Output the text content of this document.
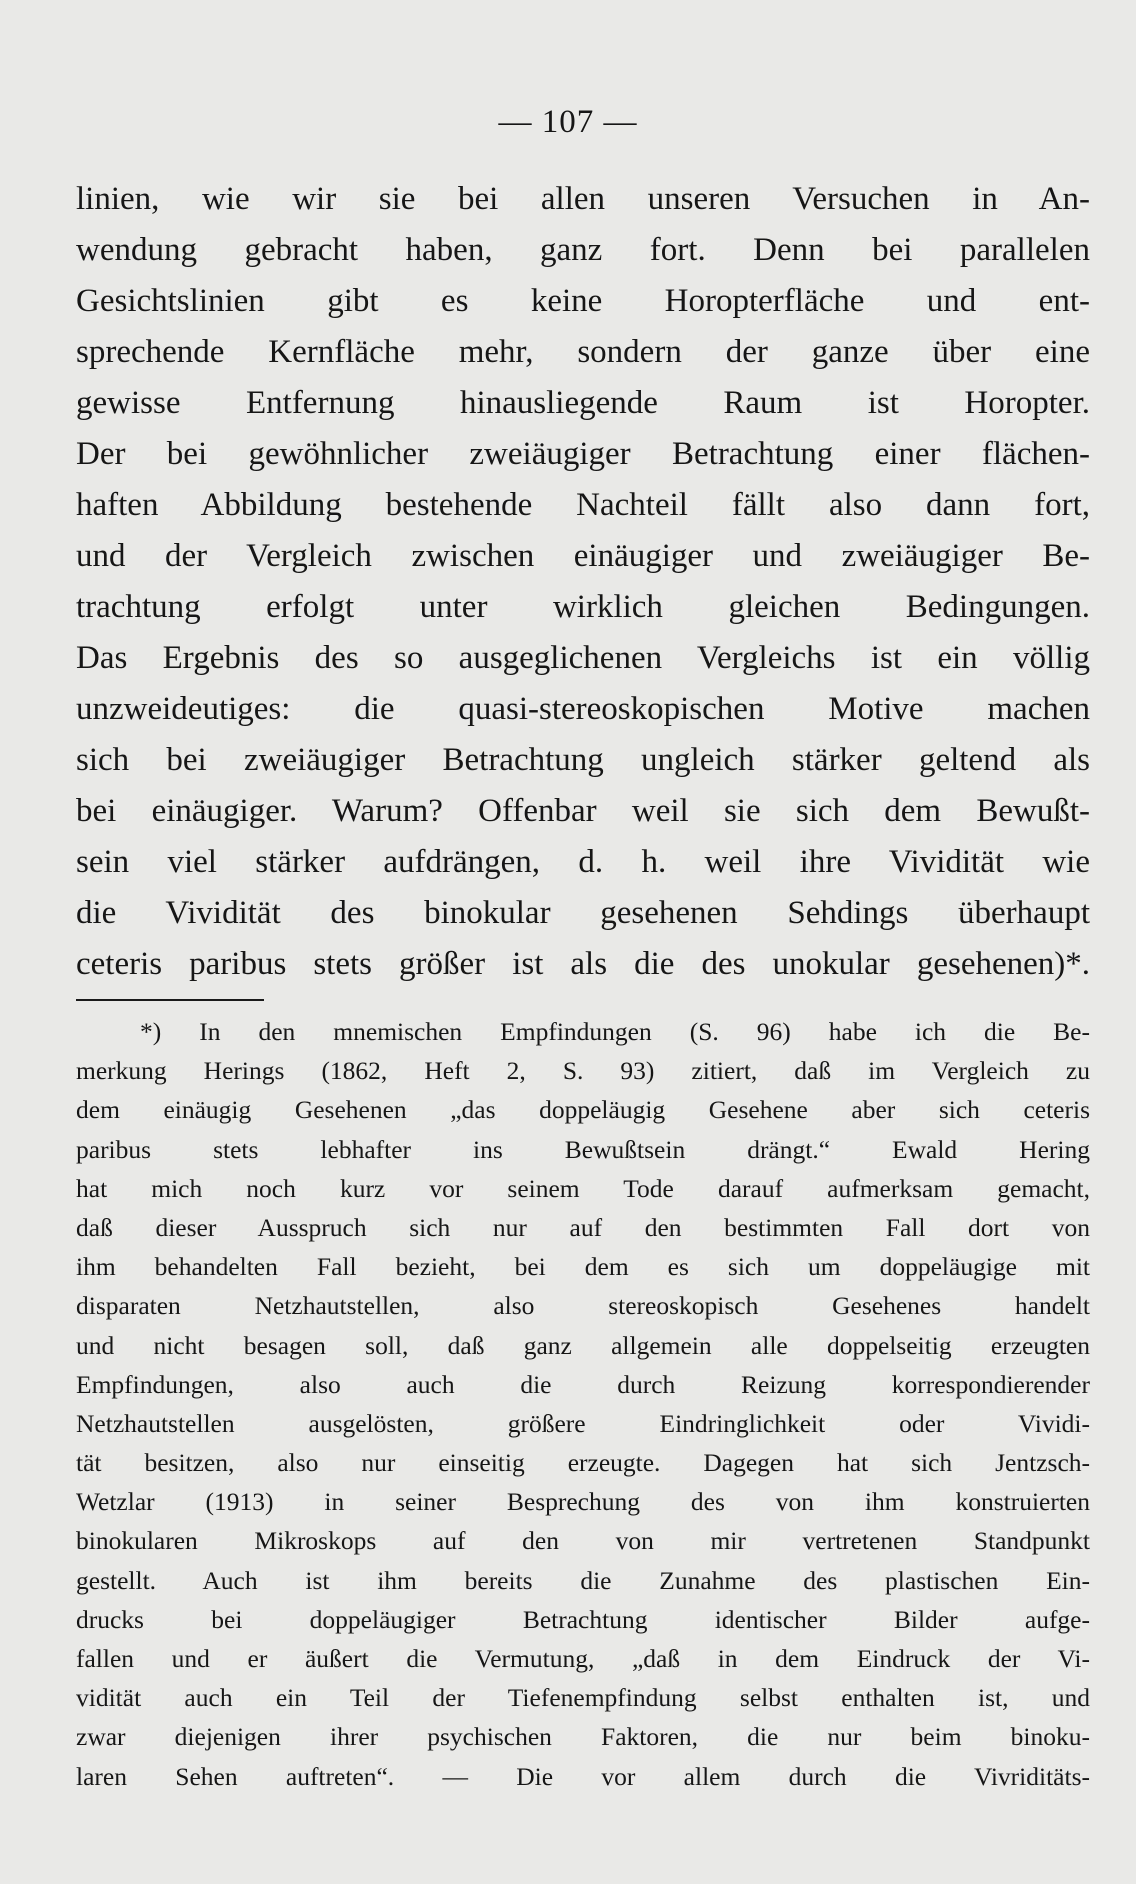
— 107 —
linien, wie wir sie bei allen unseren Versuchen in An-
wendung gebracht haben, ganz fort. Denn bei parallelen
Gesichtslinien gibt es keine Horopterfläche und ent-
sprechende Kernfläche mehr, sondern der ganze über eine
gewisse Entfernung hinausliegende Raum ist Horopter.
Der bei gewöhnlicher zweiäugiger Betrachtung einer flächen-
haften Abbildung bestehende Nachteil fällt also dann fort,
und der Vergleich zwischen einäugiger und zweiäugiger Be-
trachtung erfolgt unter wirklich gleichen Bedingungen.
Das Ergebnis des so ausgeglichenen Vergleichs ist ein völlig
unzweideutiges: die quasi-stereoskopischen Motive machen
sich bei zweiäugiger Betrachtung ungleich stärker geltend als
bei einäugiger. Warum? Offenbar weil sie sich dem Bewußt-
sein viel stärker aufdrängen, d. h. weil ihre Vividität wie
die Vividität des binokular gesehenen Sehdings überhaupt
ceteris paribus stets größer ist als die des unokular gesehenen)*.
*) In den mnemischen Empfindungen (S. 96) habe ich die Be-
merkung Herings (1862, Heft 2, S. 93) zitiert, daß im Vergleich zu
dem einäugig Gesehenen „das doppeläugig Gesehene aber sich ceteris
paribus stets lebhafter ins Bewußtsein drängt.“ Ewald Hering
hat mich noch kurz vor seinem Tode darauf aufmerksam gemacht,
daß dieser Ausspruch sich nur auf den bestimmten Fall dort von
ihm behandelten Fall bezieht, bei dem es sich um doppeläugige mit
disparaten Netzhautstellen, also stereoskopisch Gesehenes handelt
und nicht besagen soll, daß ganz allgemein alle doppelseitig erzeugten
Empfindungen, also auch die durch Reizung korrespondierender
Netzhautstellen ausgelösten, größere Eindringlichkeit oder Vividi-
tät besitzen, also nur einseitig erzeugte. Dagegen hat sich Jentzsch-
Wetzlar (1913) in seiner Besprechung des von ihm konstruierten
binokularen Mikroskops auf den von mir vertretenen Standpunkt
gestellt. Auch ist ihm bereits die Zunahme des plastischen Ein-
drucks bei doppeläugiger Betrachtung identischer Bilder aufge-
fallen und er äußert die Vermutung, „daß in dem Eindruck der Vi-
vidität auch ein Teil der Tiefenempfindung selbst enthalten ist, und
zwar diejenigen ihrer psychischen Faktoren, die nur beim binoku-
laren Sehen auftreten“. — Die vor allem durch die Vivriditäts-
